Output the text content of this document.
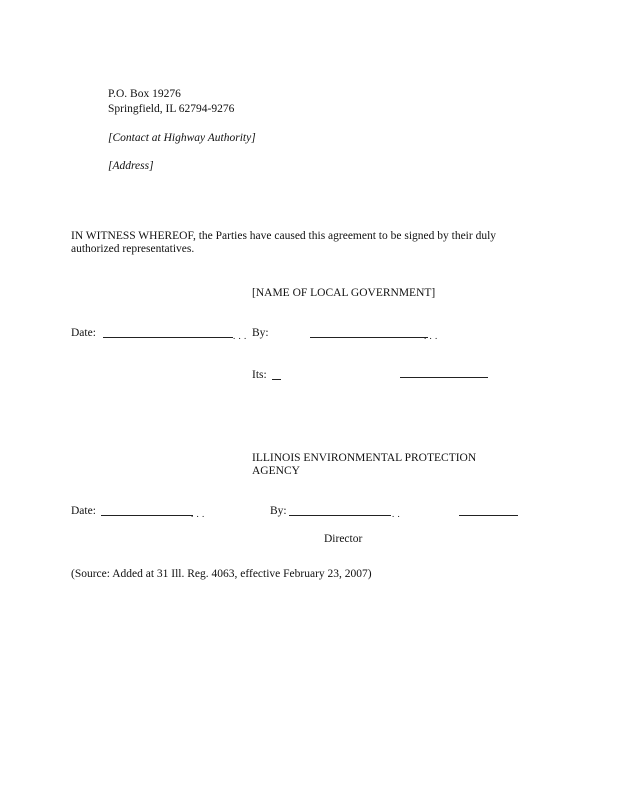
P.O. Box 19276
Springfield, IL 62794-9276
[Contact at Highway Authority]
[Address]
IN WITNESS WHEREOF, the Parties have caused this agreement to be signed by their duly
authorized representatives.
[NAME OF LOCAL GOVERNMENT]
Date:	. . . By:	. . .
Its:
ILLINOIS ENVIRONMENTAL PROTECTION
AGENCY
Date:	. . .	By:	. .
Director
(Source: Added at 31 Ill. Reg. 4063, effective February 23, 2007)
